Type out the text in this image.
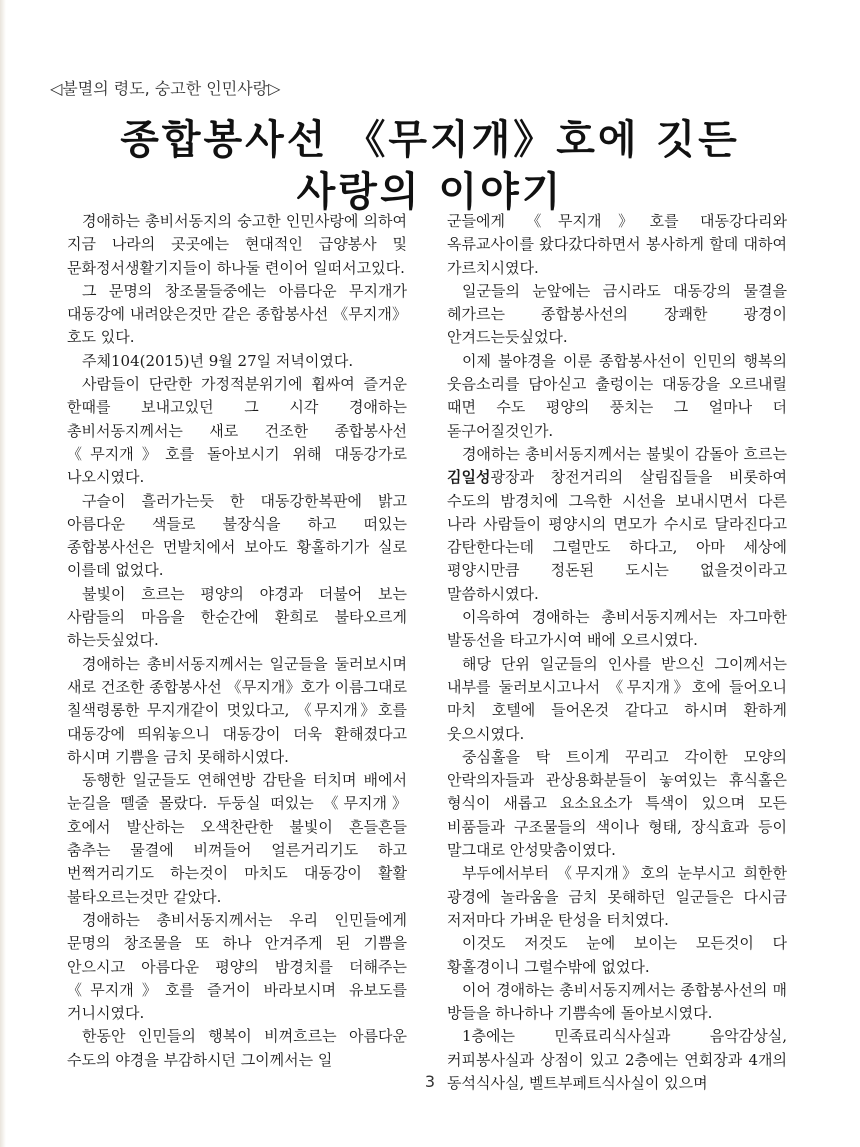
◁불멸의 령도, 숭고한 인민사랑▷
종합봉사선 《무지개》호에 깃든
사랑의 이야기

경애하는 총비서동지의 숭고한 인민사랑에 의하여 지금 나라의 곳곳에는 현대적인 급양봉사 및 문화정서생활기지들이 하나둘 련이어 일떠서고있다.

그 문명의 창조물들중에는 아름다운 무지개가 대동강에 내려앉은것만 같은 종합봉사선 《무지개》호도 있다.

주체104(2015)년 9월 27일 저녁이였다.

사람들이 단란한 가정적분위기에 휩싸여 즐거운 한때를 보내고있던 그 시각 경애하는 총비서동지께서는 새로 건조한 종합봉사선 《무지개》호를 돌아보시기 위해 대동강가로 나오시였다.

구슬이 흘러가는듯 한 대동강한복판에 밝고 아름다운 색들로 불장식을 하고 떠있는 종합봉사선은 먼발치에서 보아도 황홀하기가 실로 이를데 없었다.

불빛이 흐르는 평양의 야경과 더불어 보는 사람들의 마음을 한순간에 환희로 불타오르게 하는듯싶었다.

경애하는 총비서동지께서는 일군들을 둘러보시며 새로 건조한 종합봉사선 《무지개》호가 이름그대로 칠색령롱한 무지개같이 멋있다고, 《무지개》호를 대동강에 띄워놓으니 대동강이 더욱 환해졌다고 하시며 기쁨을 금치 못해하시였다.

동행한 일군들도 연해연방 감탄을 터치며 배에서 눈길을 뗄줄 몰랐다. 두둥실 떠있는 《무지개》호에서 발산하는 오색찬란한 불빛이 흔들흔들 춤추는 물결에 비껴들어 얼른거리기도 하고 번쩍거리기도 하는것이 마치도 대동강이 활활 불타오르는것만 같았다.

경애하는 총비서동지께서는 우리 인민들에게 문명의 창조물을 또 하나 안겨주게 된 기쁨을 안으시고 아름다운 평양의 밤경치를 더해주는 《무지개》호를 즐거이 바라보시며 유보도를 거니시였다.

한동안 인민들의 행복이 비껴흐르는 아름다운 수도의 야경을 부감하시던 그이께서는 일

군들에게 《무지개》호를 대동강다리와 옥류교사이를 왔다갔다하면서 봉사하게 할데 대하여 가르치시였다.

일군들의 눈앞에는 금시라도 대동강의 물결을 헤가르는 종합봉사선의 장쾌한 광경이 안겨드는듯싶었다.

이제 불야경을 이룬 종합봉사선이 인민의 행복의 웃음소리를 담아싣고 출렁이는 대동강을 오르내릴 때면 수도 평양의 풍치는 그 얼마나 더 돋구어질것인가.

경애하는 총비서동지께서는 불빛이 감돌아 흐르는 김일성광장과 창전거리의 살림집들을 비롯하여 수도의 밤경치에 그윽한 시선을 보내시면서 다른 나라 사람들이 평양시의 면모가 수시로 달라진다고 감탄한다는데 그럴만도 하다고, 아마 세상에 평양시만큼 정돈된 도시는 없을것이라고 말씀하시였다.

이윽하여 경애하는 총비서동지께서는 자그마한 발동선을 타고가시여 배에 오르시였다.

해당 단위 일군들의 인사를 받으신 그이께서는 내부를 둘러보시고나서 《무지개》호에 들어오니 마치 호텔에 들어온것 같다고 하시며 환하게 웃으시였다.

중심홀을 탁 트이게 꾸리고 각이한 모양의 안락의자들과 관상용화분들이 놓여있는 휴식홀은 형식이 새롭고 요소요소가 특색이 있으며 모든 비품들과 구조물들의 색이나 형태, 장식효과 등이 말그대로 안성맞춤이였다.

부두에서부터 《무지개》호의 눈부시고 희한한 광경에 놀라움을 금치 못해하던 일군들은 다시금 저저마다 가벼운 탄성을 터치였다.

이것도 저것도 눈에 보이는 모든것이 다 황홀경이니 그럴수밖에 없었다.

이어 경애하는 총비서동지께서는 종합봉사선의 매 방들을 하나하나 기쁨속에 돌아보시였다.

1층에는 민족료리식사실과 음악감상실, 커피봉사실과 상점이 있고 2층에는 연회장과 4개의 동석식사실, 벨트부페트식사실이 있으며

3
